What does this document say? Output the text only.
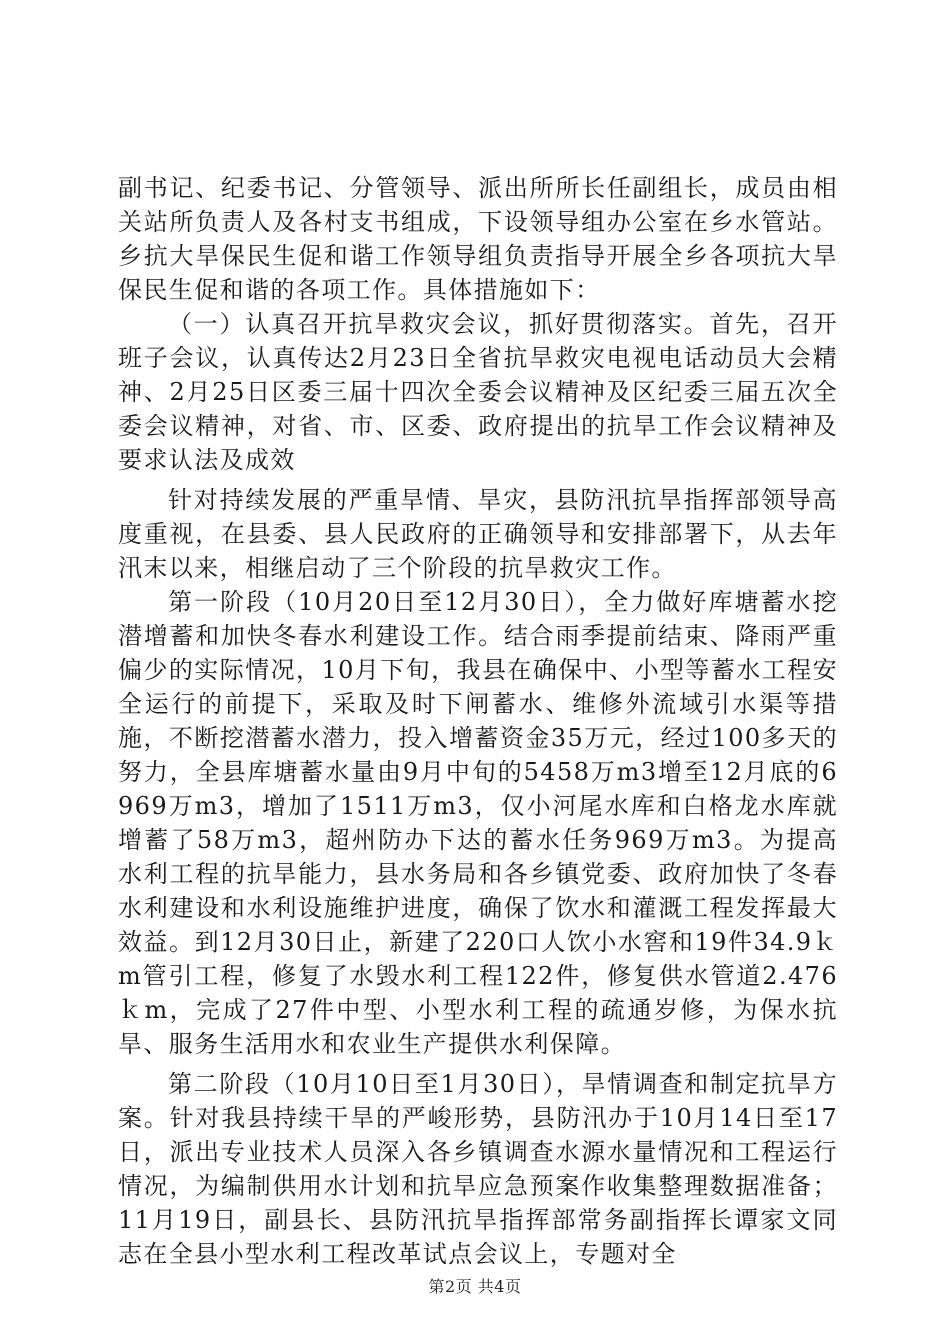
副书记、纪委书记、分管领导、派出所所长任副组长，成员由相关站所负责人及各村支书组成，下设领导组办公室在乡水管站。乡抗大旱保民生促和谐工作领导组负责指导开展全乡各项抗大旱保民生促和谐的各项工作。具体措施如下：

（一）认真召开抗旱救灾会议，抓好贯彻落实。首先，召开班子会议，认真传达2月23日全省抗旱救灾电视电话动员大会精神、2月25日区委三届十四次全委会议精神及区纪委三届五次全委会议精神，对省、市、区委、政府提出的抗旱工作会议精神及要求认法及成效

针对持续发展的严重旱情、旱灾，县防汛抗旱指挥部领导高度重视，在县委、县人民政府的正确领导和安排部署下，从去年汛末以来，相继启动了三个阶段的抗旱救灾工作。

第一阶段（10月20日至12月30日），全力做好库塘蓄水挖潜增蓄和加快冬春水利建设工作。结合雨季提前结束、降雨严重偏少的实际情况，10月下旬，我县在确保中、小型等蓄水工程安全运行的前提下，采取及时下闸蓄水、维修外流域引水渠等措施，不断挖潜蓄水潜力，投入增蓄资金35万元，经过100多天的努力，全县库塘蓄水量由9月中旬的5458万m3增至12月底的6969万m3，增加了1511万m3，仅小河尾水库和白格龙水库就增蓄了58万m3，超州防办下达的蓄水任务969万m3。为提高水利工程的抗旱能力，县水务局和各乡镇党委、政府加快了冬春水利建设和水利设施维护进度，确保了饮水和灌溉工程发挥最大效益。到12月30日止，新建了220口人饮小水窖和19件34.9ｋm管引工程，修复了水毁水利工程122件，修复供水管道2.476ｋm，完成了27件中型、小型水利工程的疏通岁修，为保水抗旱、服务生活用水和农业生产提供水利保障。

第二阶段（10月10日至1月30日），旱情调查和制定抗旱方案。针对我县持续干旱的严峻形势，县防汛办于10月14日至17日，派出专业技术人员深入各乡镇调查水源水量情况和工程运行情况，为编制供用水计划和抗旱应急预案作收集整理数据准备；11月19日，副县长、县防汛抗旱指挥部常务副指挥长谭家文同志在全县小型水利工程改革试点会议上，专题对全

第2页 共4页
